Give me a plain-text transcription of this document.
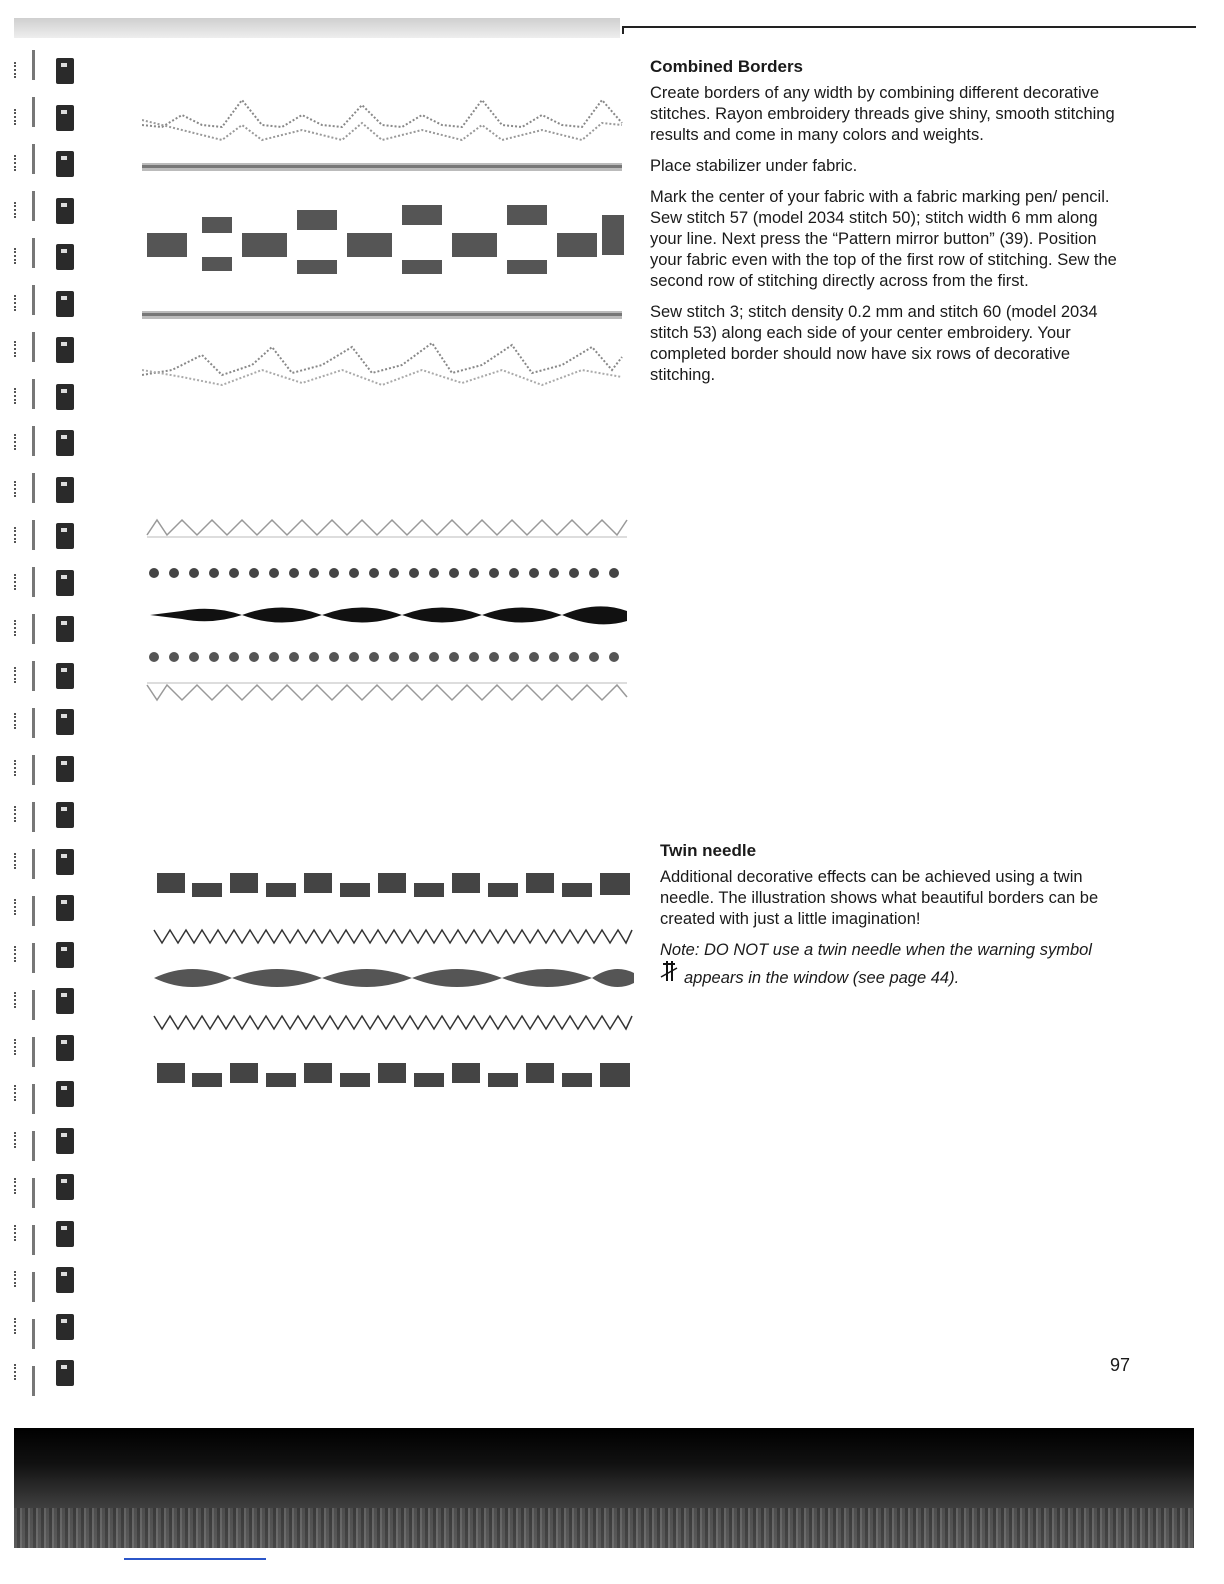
Combined Borders

Create borders of any width by combining different decorative stitches. Rayon embroidery threads give shiny, smooth stitching results and come in many colors and weights.

Place stabilizer under fabric.

Mark the center of your fabric with a fabric marking pen/ pencil. Sew stitch 57 (model 2034 stitch 50); stitch width 6 mm along your line. Next press the “Pattern mirror button” (39). Position your fabric even with the top of the first row of stitching. Sew the second row of stitching directly across from the first.

Sew stitch 3; stitch density 0.2 mm and stitch 60 (model 2034 stitch 53) along each side of your center embroidery. Your completed border should now have six rows of decorative stitching.

Twin needle

Additional decorative effects can be achieved using a twin needle. The illustration shows what beautiful borders can be created with just a little imagination!

Note: DO NOT use a twin needle when the warning symbol
appears in the window (see page 44).

97
